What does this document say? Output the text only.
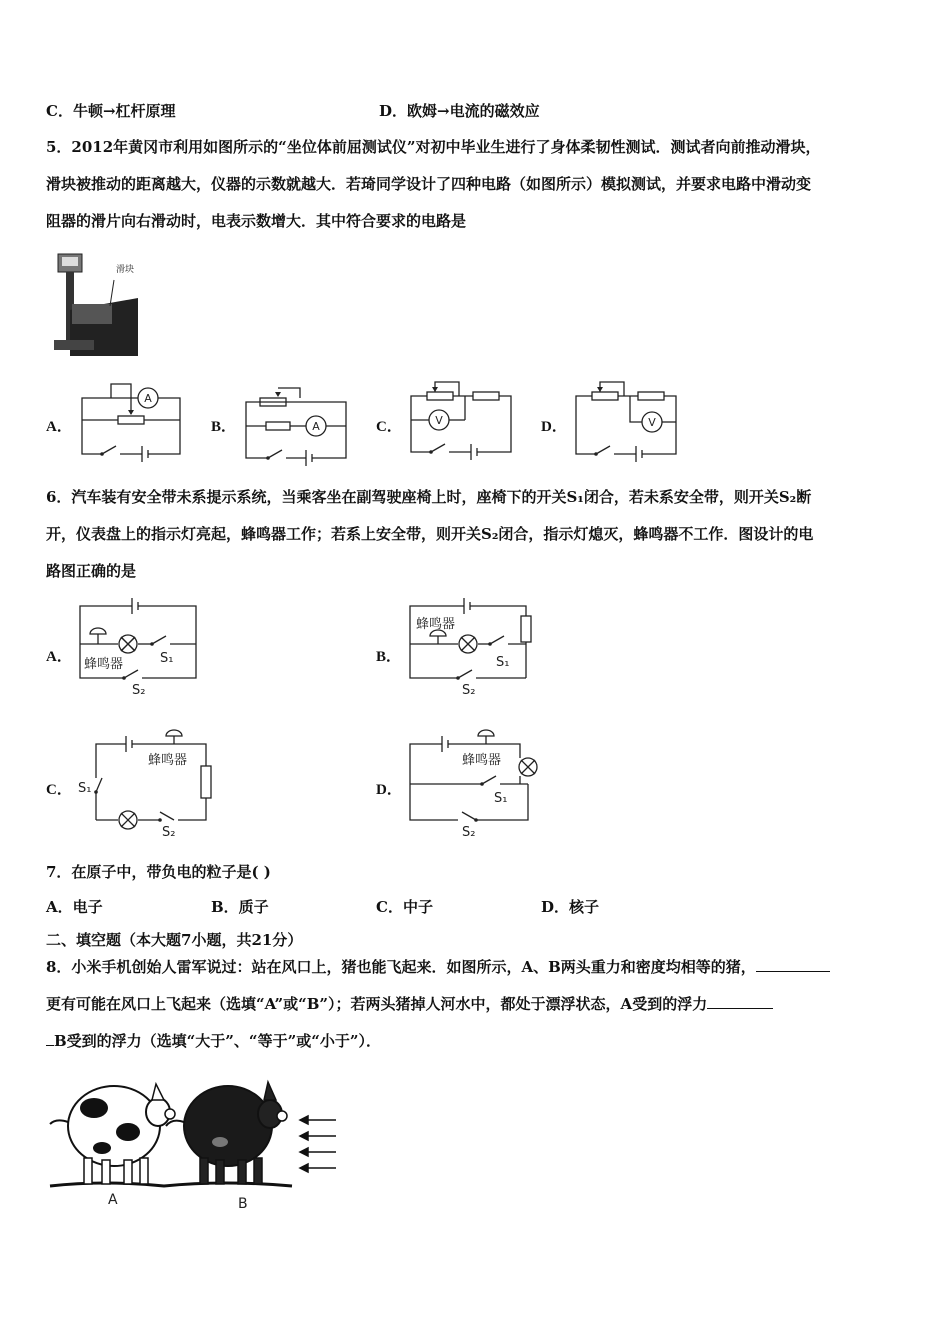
C．牛顿→杠杆原理	D．欧姆→电流的磁效应
5．2012年黄冈市利用如图所示的“坐位体前屈测试仪”对初中毕业生进行了身体柔韧性测试．测试者向前推动滑块，
滑块被推动的距离越大，仪器的示数就越大．若琦同学设计了四种电路（如图所示）模拟测试，并要求电路中滑动变
阻器的滑片向右滑动时，电表示数增大．其中符合要求的电路是
滑块
A．
A
B．	A	C．	V	D．	V
6．汽车装有安全带未系提示系统，当乘客坐在副驾驶座椅上时，座椅下的开关S₁闭合，若未系安全带，则开关S₂断
开，仪表盘上的指示灯亮起，蜂鸣器工作；若系上安全带，则开关S₂闭合，指示灯熄灭，蜂鸣器不工作．图设计的电
路图正确的是
A． 蜂鸣器	S₁
S₂
B．
蜂鸣器
S₁
S₂
C．
蜂鸣器
S₁
S₂
D．
蜂鸣器
S₁
S₂
7．在原子中，带负电的粒子是( )
A．电子	B．质子	C．中子	D．核子
二、填空题（本大题7小题，共21分）
8．小米手机创始人雷军说过：站在风口上，猪也能飞起来．如图所示，A、B两头重力和密度均相等的猪，
更有可能在风口上飞起来（选填“A”或“B”）；若两头猪掉人河水中，都处于漂浮状态，A受到的浮力
B受到的浮力（选填“大于”、“等于”或“小于”）．
A	B
